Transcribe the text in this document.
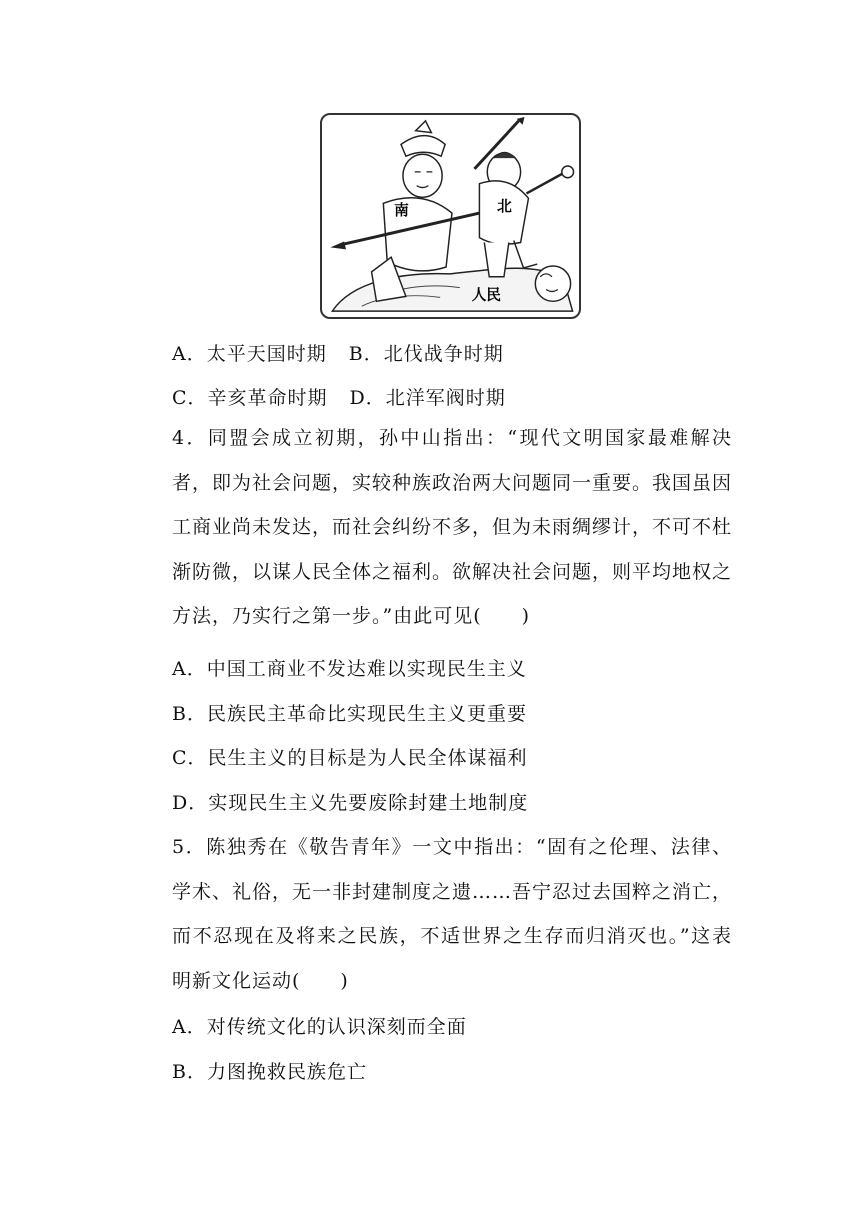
南	北
人民
A．太平天国时期 B．北伐战争时期
C．辛亥革命时期 D．北洋军阀时期
4．同盟会成立初期，孙中山指出：“现代文明国家最难解决者，即为社会问题，实较种族政治两大问题同一重要。我国虽因工商业尚未发达，而社会纠纷不多，但为未雨绸缪计，不可不杜渐防微，以谋人民全体之福利。欲解决社会问题，则平均地权之方法，乃实行之第一步。”由此可见(　　)
A．中国工商业不发达难以实现民生主义
B．民族民主革命比实现民生主义更重要
C．民生主义的目标是为人民全体谋福利
D．实现民生主义先要废除封建土地制度
5．陈独秀在《敬告青年》一文中指出：“固有之伦理、法律、学术、礼俗，无一非封建制度之遗……吾宁忍过去国粹之消亡，而不忍现在及将来之民族，不适世界之生存而归消灭也。”这表明新文化运动(　　)
A．对传统文化的认识深刻而全面
B．力图挽救民族危亡
